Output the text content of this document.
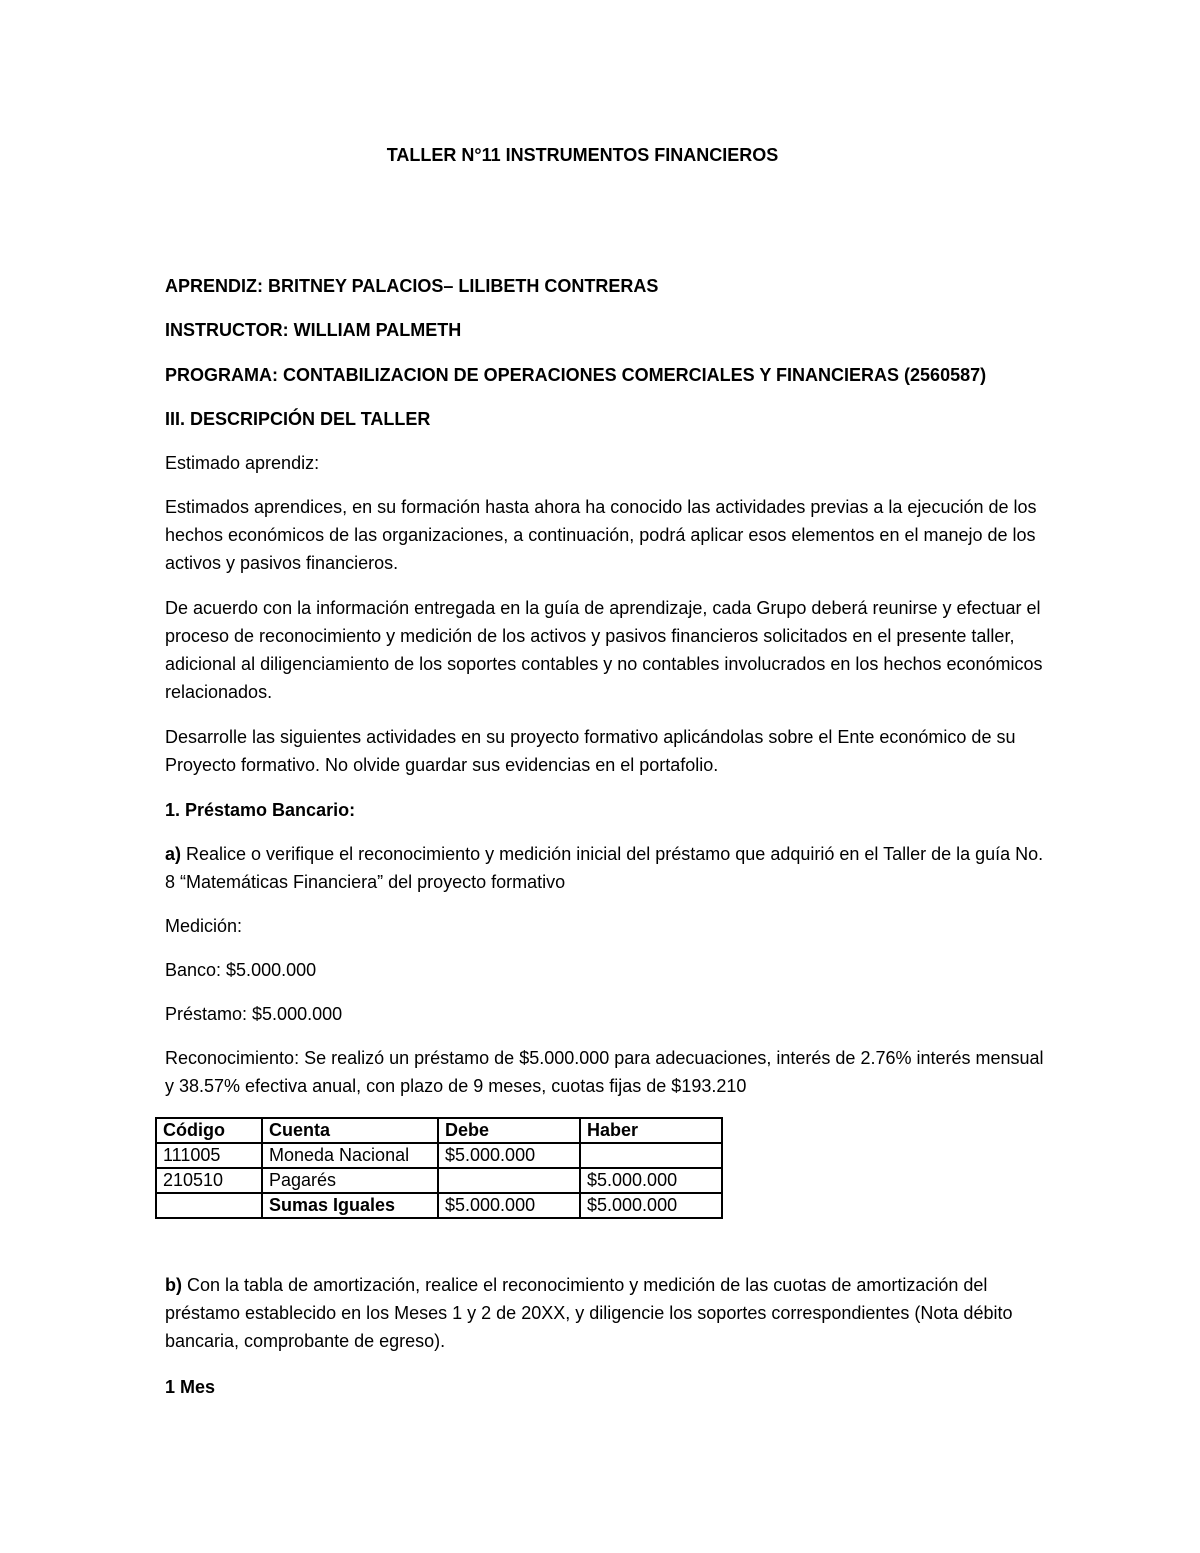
TALLER N°11 INSTRUMENTOS FINANCIEROS
APRENDIZ: BRITNEY PALACIOS– LILIBETH CONTRERAS
INSTRUCTOR: WILLIAM PALMETH
PROGRAMA: CONTABILIZACION DE OPERACIONES COMERCIALES Y FINANCIERAS (2560587)
III. DESCRIPCIÓN DEL TALLER
Estimado aprendiz:

Estimados aprendices, en su formación hasta ahora ha conocido las actividades previas a la ejecución de los hechos económicos de las organizaciones, a continuación, podrá aplicar esos elementos en el manejo de los activos y pasivos financieros.

De acuerdo con la información entregada en la guía de aprendizaje, cada Grupo deberá reunirse y efectuar el proceso de reconocimiento y medición de los activos y pasivos financieros solicitados en el presente taller, adicional al diligenciamiento de los soportes contables y no contables involucrados en los hechos económicos relacionados.

Desarrolle las siguientes actividades en su proyecto formativo aplicándolas sobre el Ente económico de su Proyecto formativo. No olvide guardar sus evidencias en el portafolio.

1. Préstamo Bancario:

a) Realice o verifique el reconocimiento y medición inicial del préstamo que adquirió en el Taller de la guía No. 8 “Matemáticas Financiera” del proyecto formativo

Medición:
Banco: $5.000.000
Préstamo: $5.000.000

Reconocimiento: Se realizó un préstamo de $5.000.000 para adecuaciones, interés de 2.76% interés mensual y 38.57% efectiva anual, con plazo de 9 meses, cuotas fijas de $193.210

Código	Cuenta	Debe	Haber
111005	Moneda Nacional	$5.000.000	
210510	Pagarés		$5.000.000
	Sumas Iguales	$5.000.000	$5.000.000

b) Con la tabla de amortización, realice el reconocimiento y medición de las cuotas de amortización del préstamo establecido en los Meses 1 y 2 de 20XX, y diligencie los soportes correspondientes (Nota débito bancaria, comprobante de egreso).

1 Mes
